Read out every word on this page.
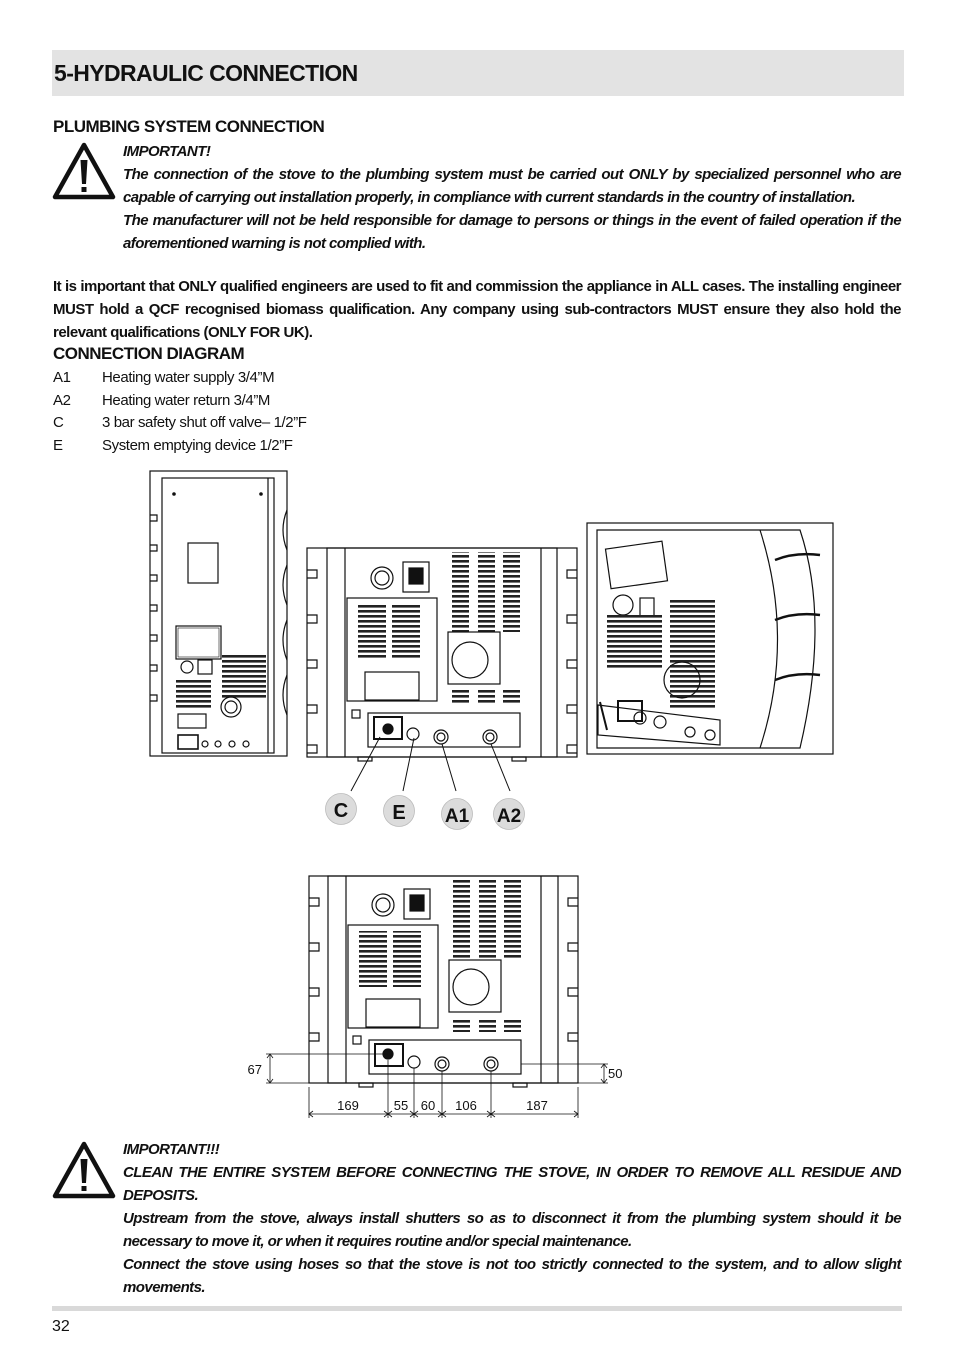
5-HYDRAULIC CONNECTION
PLUMBING SYSTEM CONNECTION

IMPORTANT!

The connection of the stove to the plumbing system must be carried out ONLY by specialized personnel who are capable of carrying out installation properly, in compliance with current standards in the country of installation.

The manufacturer will not be held responsible for damage to persons or things in the event of failed operation if the aforementioned warning is not complied with.

It is important that ONLY qualified engineers are used to fit and commission the appliance in ALL cases. The installing engineer MUST hold a QCF recognised biomass qualification. Any company using sub-contractors MUST ensure they also hold the relevant qualifications (ONLY FOR UK).

CONNECTION DIAGRAM
A1 Heating water supply 3/4”M
A2 Heating water return 3/4”M
C	3 bar safety shut off valve– 1/2”F
E	System emptying device 1/2”F
C E A1 A2
67	50
169	55 60 106	187

IMPORTANT!!!

CLEAN THE ENTIRE SYSTEM BEFORE CONNECTING THE STOVE, IN ORDER TO REMOVE ALL RESIDUE AND DEPOSITS.

Upstream from the stove, always install shutters so as to disconnect it from the plumbing system should it be necessary to move it, or when it requires routine and/or special maintenance.

Connect the stove using hoses so that the stove is not too strictly connected to the system, and to allow slight movements.

32
